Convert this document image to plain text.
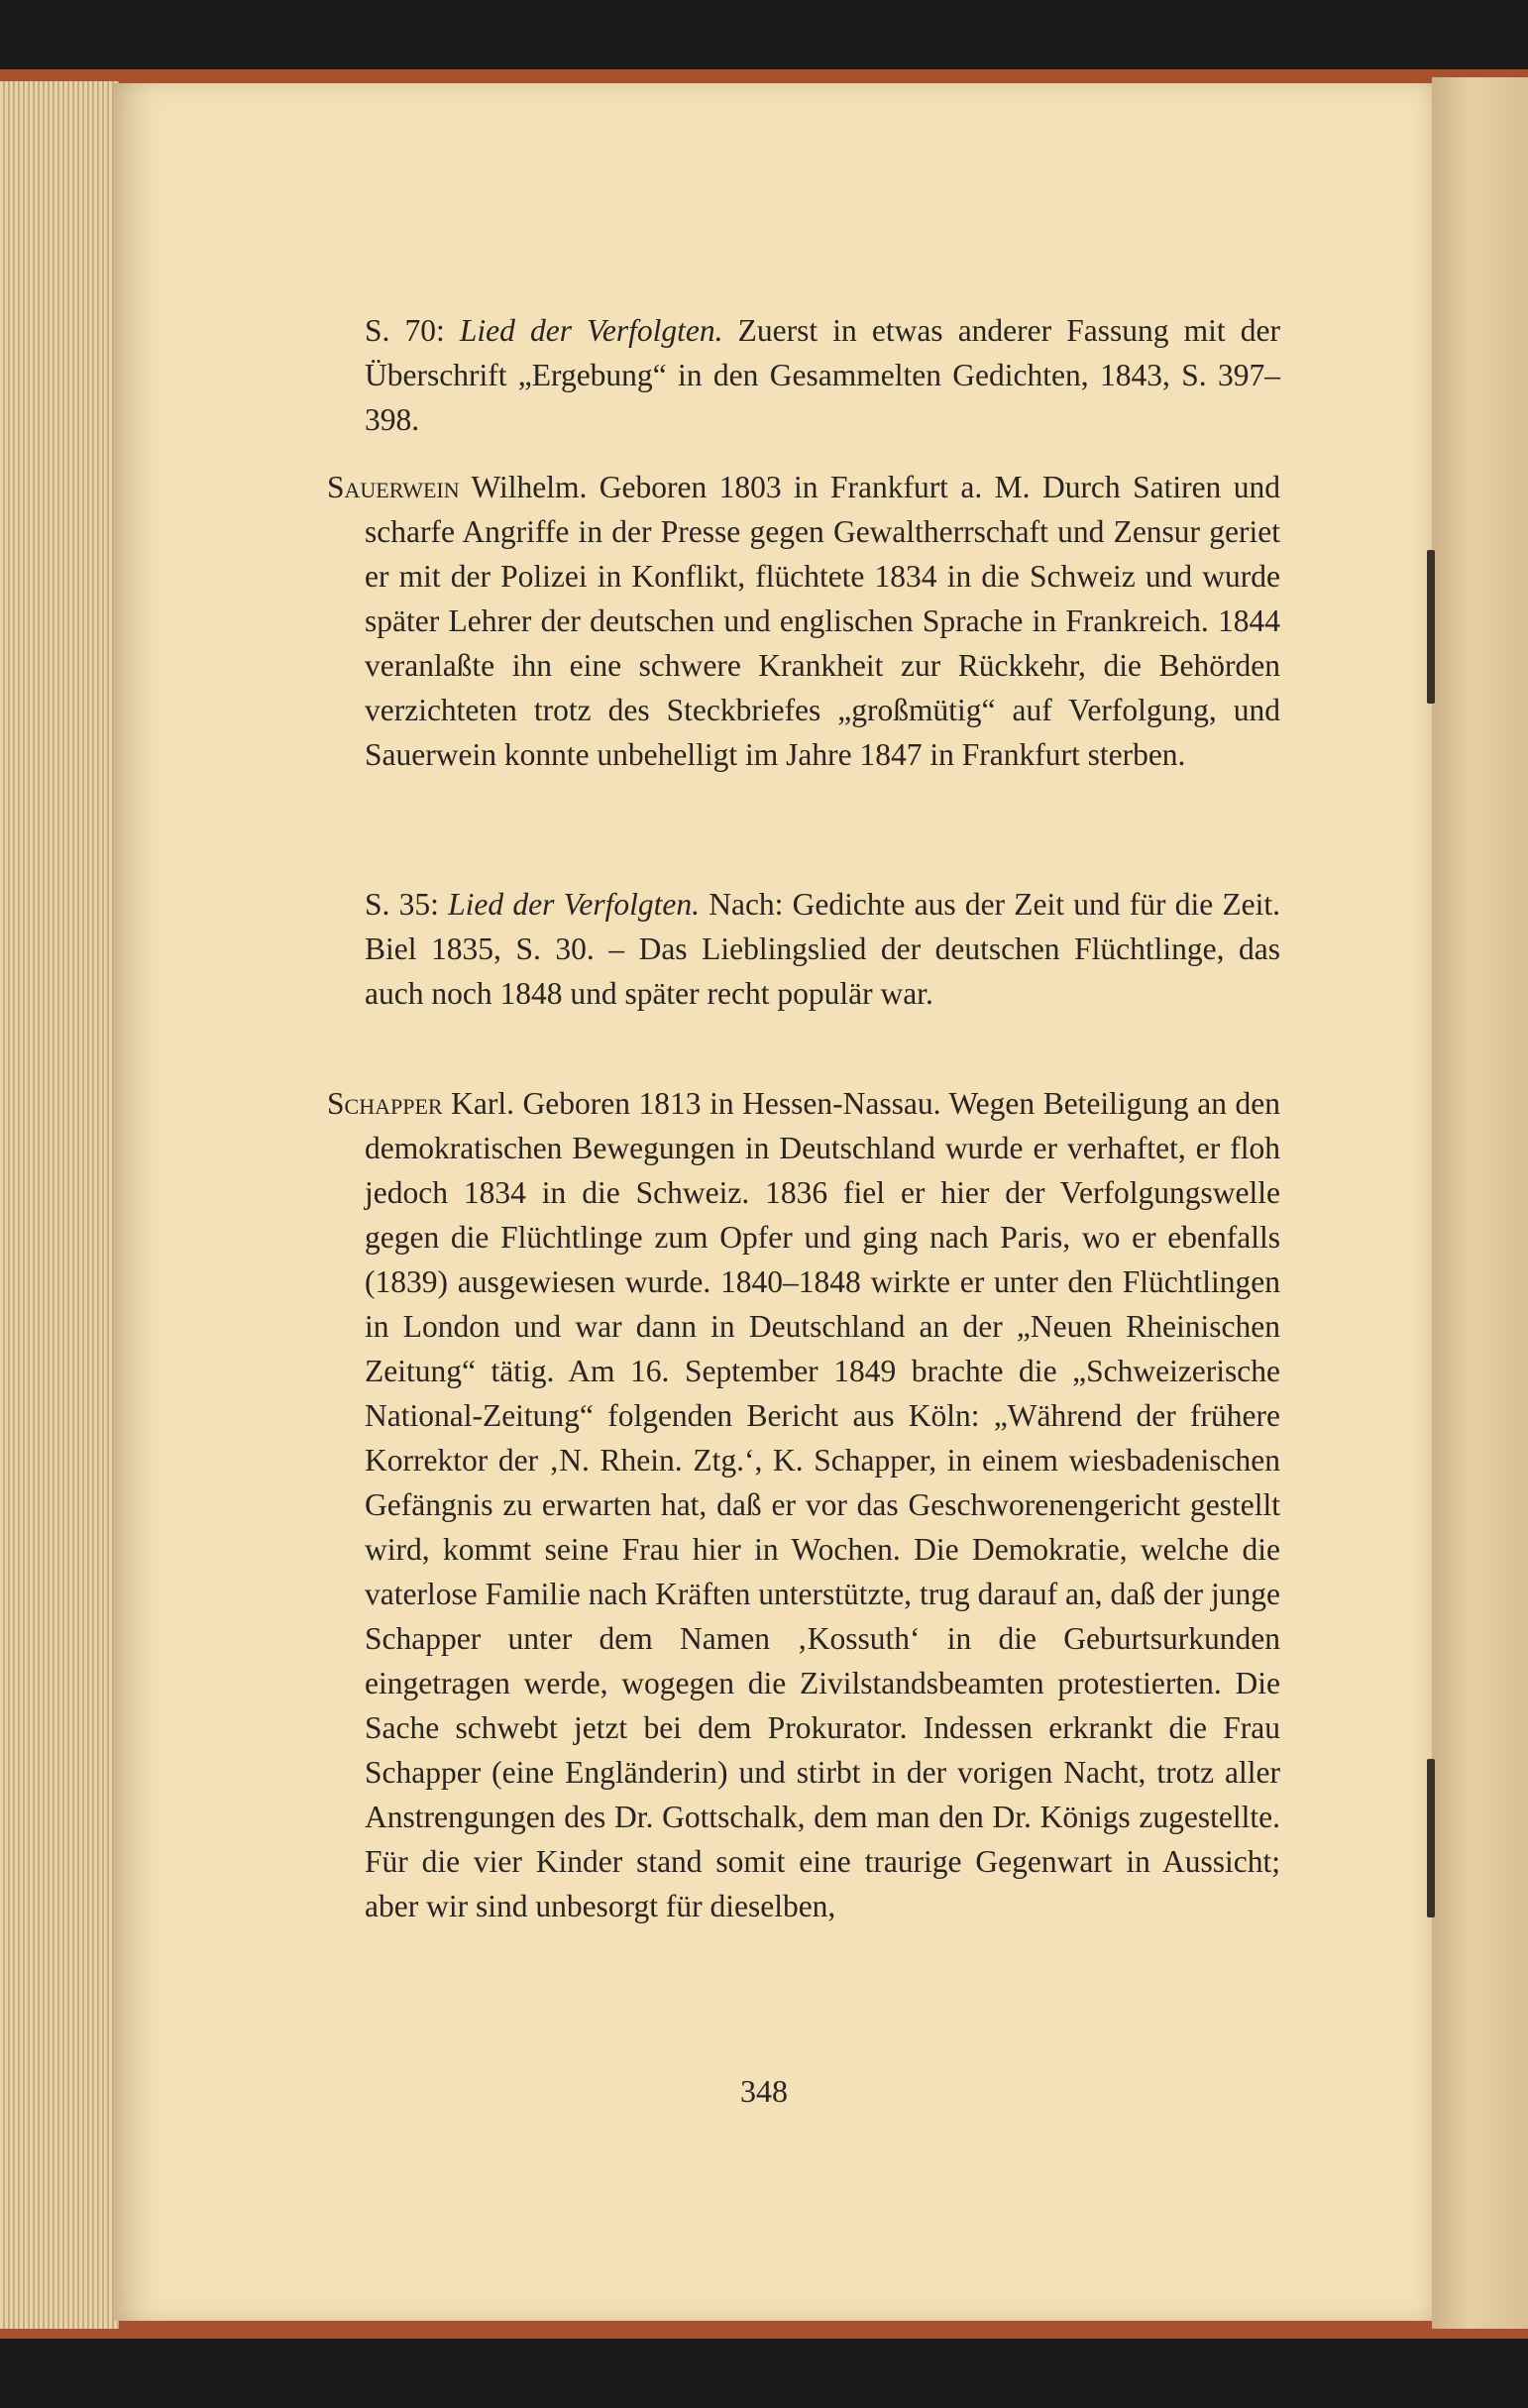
S. 70: Lied der Verfolgten. Zuerst in etwas anderer Fassung mit der Überschrift „Ergebung“ in den Gesammelten Gedichten, 1843, S. 397–398.

Sauerwein Wilhelm. Geboren 1803 in Frankfurt a. M. Durch Satiren und scharfe Angriffe in der Presse gegen Gewaltherrschaft und Zensur geriet er mit der Polizei in Konflikt, flüchtete 1834 in die Schweiz und wurde später Lehrer der deutschen und englischen Sprache in Frankreich. 1844 veranlaßte ihn eine schwere Krankheit zur Rückkehr, die Behörden verzichteten trotz des Steckbriefes „großmütig“ auf Verfolgung, und Sauerwein konnte unbehelligt im Jahre 1847 in Frankfurt sterben.

S. 35: Lied der Verfolgten. Nach: Gedichte aus der Zeit und für die Zeit. Biel 1835, S. 30. – Das Lieblingslied der deutschen Flüchtlinge, das auch noch 1848 und später recht populär war.

Schapper Karl. Geboren 1813 in Hessen-Nassau. Wegen Beteiligung an den demokratischen Bewegungen in Deutschland wurde er verhaftet, er floh jedoch 1834 in die Schweiz. 1836 fiel er hier der Verfolgungswelle gegen die Flüchtlinge zum Opfer und ging nach Paris, wo er ebenfalls (1839) ausgewiesen wurde. 1840–1848 wirkte er unter den Flüchtlingen in London und war dann in Deutschland an der „Neuen Rheinischen Zeitung“ tätig. Am 16. September 1849 brachte die „Schweizerische National-Zeitung“ folgenden Bericht aus Köln: „Während der frühere Korrektor der ‚N. Rhein. Ztg.‘, K. Schapper, in einem wiesbadenischen Gefängnis zu erwarten hat, daß er vor das Geschworenengericht gestellt wird, kommt seine Frau hier in Wochen. Die Demokratie, welche die vaterlose Familie nach Kräften unterstützte, trug darauf an, daß der junge Schapper unter dem Namen ‚Kossuth‘ in die Geburtsurkunden eingetragen werde, wogegen die Zivilstandsbeamten protestierten. Die Sache schwebt jetzt bei dem Prokurator. Indessen erkrankt die Frau Schapper (eine Engländerin) und stirbt in der vorigen Nacht, trotz aller Anstrengungen des Dr. Gottschalk, dem man den Dr. Königs zugestellte. Für die vier Kinder stand somit eine traurige Gegenwart in Aussicht; aber wir sind unbesorgt für dieselben,

348
